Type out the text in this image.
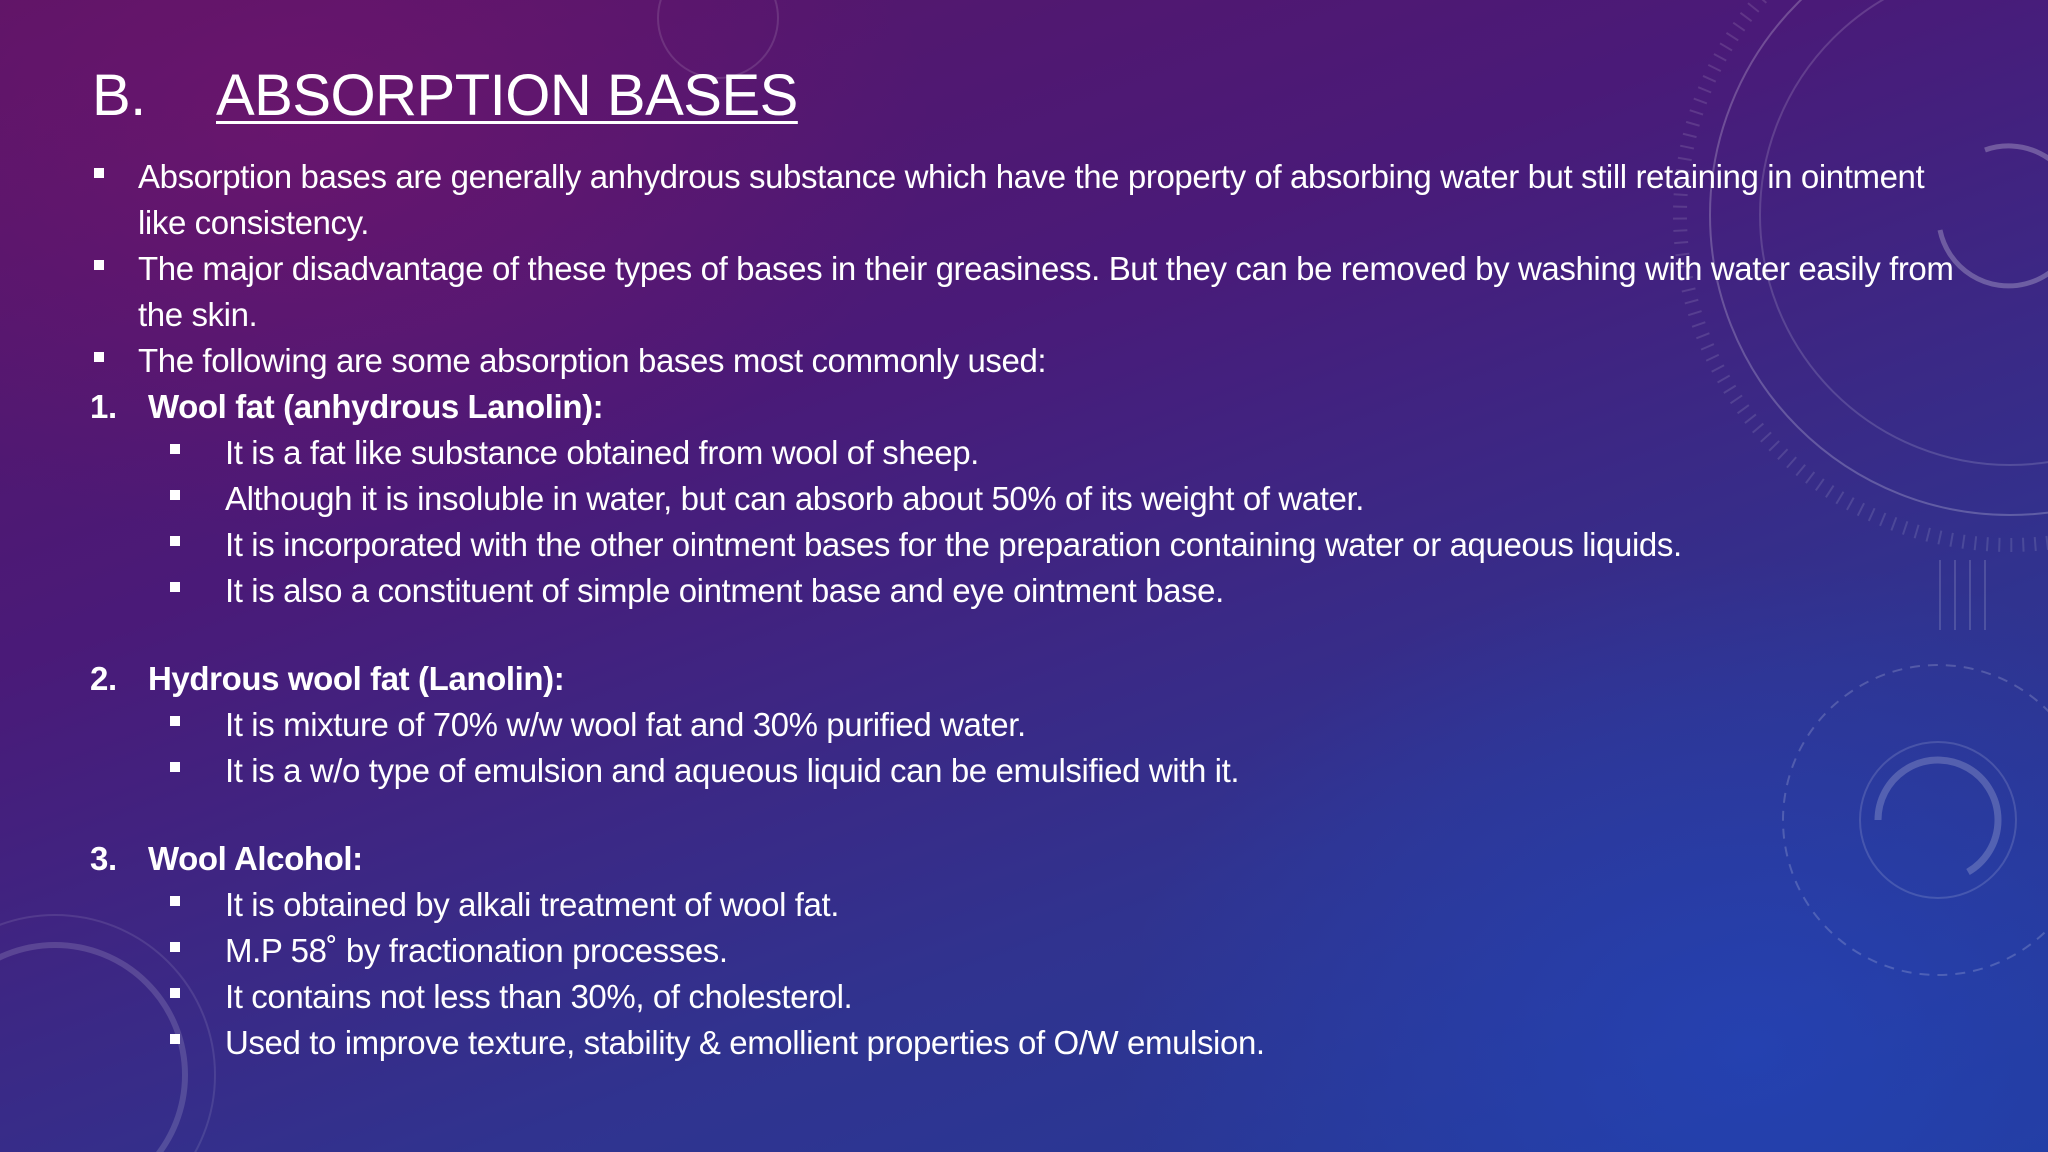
B. ABSORPTION BASES
Absorption bases are generally anhydrous substance which have the property of absorbing water but still retaining in ointment like consistency.
The major disadvantage of these types of bases in their greasiness. But they can be removed by washing with water easily from the skin.
The following are some absorption bases most commonly used:
1. Wool fat (anhydrous Lanolin):
It is a fat like substance obtained from wool of sheep.
Although it is insoluble in water, but can absorb about 50% of its weight of water.
It is incorporated with the other ointment bases for the preparation containing water or aqueous liquids.
It is also a constituent of simple ointment base and eye ointment base.
2. Hydrous wool fat (Lanolin):
It is mixture of 70% w/w wool fat and 30% purified water.
It is a w/o type of emulsion and aqueous liquid can be emulsified with it.
3. Wool Alcohol:
It is obtained by alkali treatment of wool fat.
M.P 58˚ by fractionation processes.
It contains not less than 30%, of cholesterol.
Used to improve texture, stability & emollient properties of O/W emulsion.
